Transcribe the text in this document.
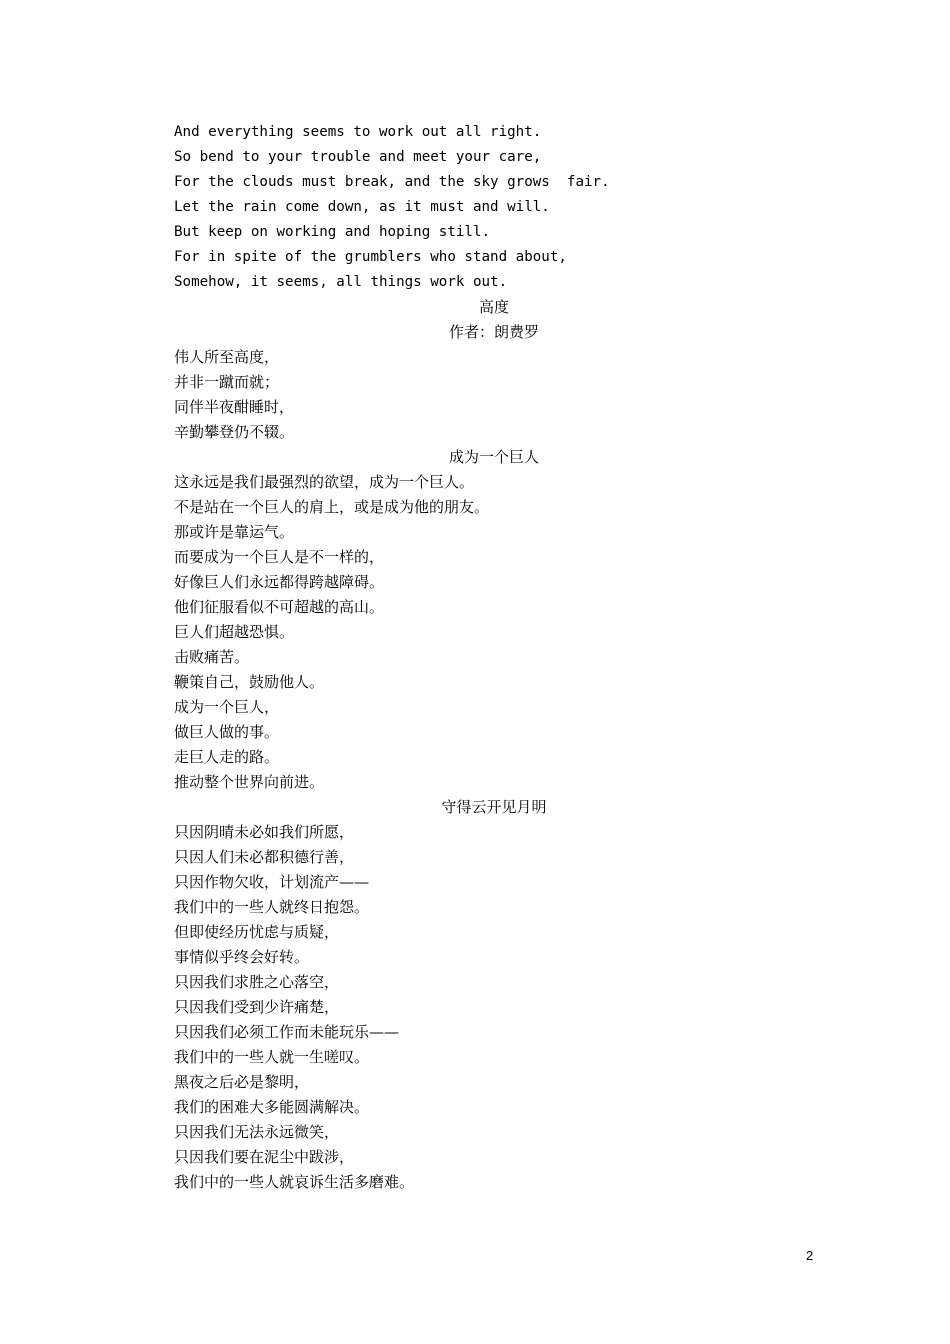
And everything seems to work out all right.
So bend to your trouble and meet your care,
For the clouds must break, and the sky grows  fair.
Let the rain come down, as it must and will.
But keep on working and hoping still.
For in spite of the grumblers who stand about,
Somehow, it seems, all things work out.
高度
作者：朗费罗
伟人所至高度，
并非一蹴而就；
同伴半夜酣睡时，
辛勤攀登仍不辍。
成为一个巨人
这永远是我们最强烈的欲望，成为一个巨人。
不是站在一个巨人的肩上，或是成为他的朋友。
那或许是靠运气。
而要成为一个巨人是不一样的，
好像巨人们永远都得跨越障碍。
他们征服看似不可超越的高山。
巨人们超越恐惧。
击败痛苦。
鞭策自己，鼓励他人。
成为一个巨人，
做巨人做的事。
走巨人走的路。
推动整个世界向前进。
守得云开见月明
只因阴晴未必如我们所愿，
只因人们未必都积德行善，
只因作物欠收，计划流产——
我们中的一些人就终日抱怨。
但即使经历忧虑与质疑，
事情似乎终会好转。
只因我们求胜之心落空，
只因我们受到少许痛楚，
只因我们必须工作而未能玩乐——
我们中的一些人就一生嗟叹。
黑夜之后必是黎明，
我们的困难大多能圆满解决。
只因我们无法永远微笑，
只因我们要在泥尘中跋涉，
我们中的一些人就哀诉生活多磨难。
2
